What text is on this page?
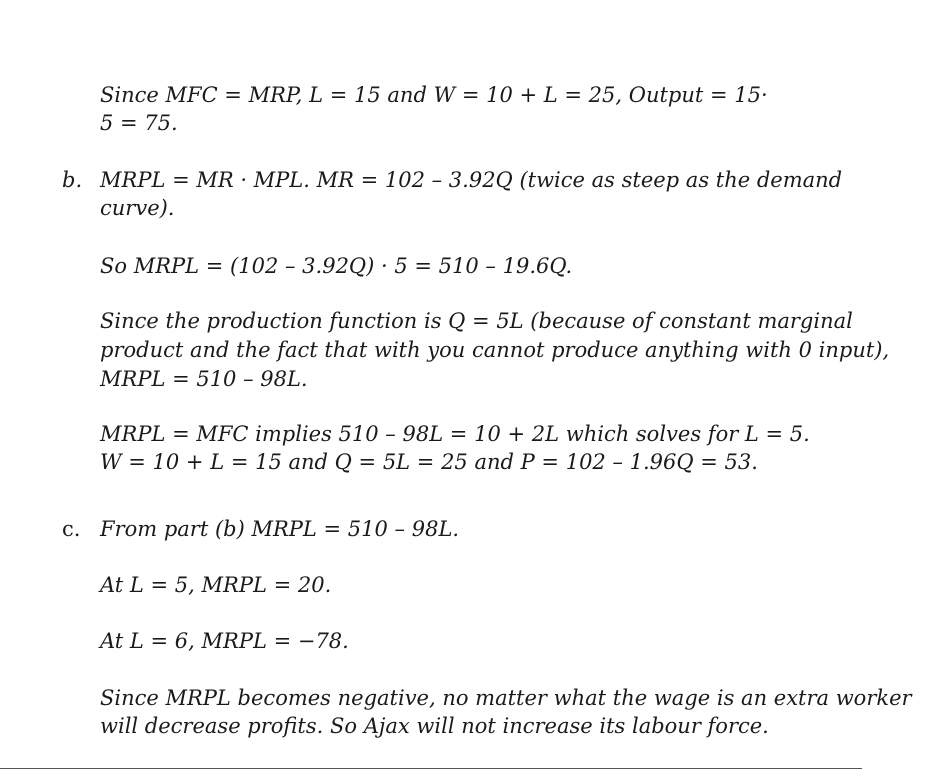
Since MFC = MRP, L = 15 and W = 10 + L = 25, Output = 15·
5 = 75.
b. MRPL = MR · MPL. MR = 102 – 3.92Q (twice as steep as the demand
curve).
So MRPL = (102 – 3.92Q) · 5 = 510 – 19.6Q.
Since the production function is Q = 5L (because of constant marginal
product and the fact that with you cannot produce anything with 0 input),
MRPL = 510 – 98L.
MRPL = MFC implies 510 – 98L = 10 + 2L which solves for L = 5.
W = 10 + L = 15 and Q = 5L = 25 and P = 102 – 1.96Q = 53.
c. From part (b) MRPL = 510 – 98L.
At L = 5, MRPL = 20.
At L = 6, MRPL = −78.
Since MRPL becomes negative, no matter what the wage is an extra worker
will decrease profits. So Ajax will not increase its labour force.
